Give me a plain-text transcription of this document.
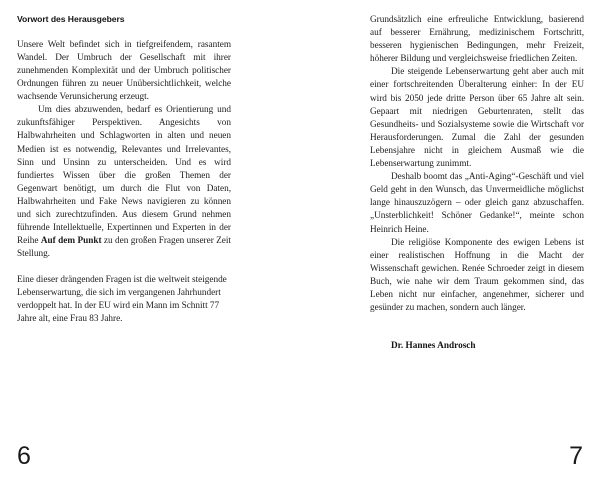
Vorwort des Herausgebers

Unsere Welt befindet sich in tiefgreifendem, rasantem Wandel. Der Umbruch der Gesellschaft mit ihrer zunehmenden Komplexität und der Umbruch politischer Ordnungen führen zu neuer Unübersichtlichkeit, welche wachsende Verunsicherung erzeugt.

Um dies abzuwenden, bedarf es Orientierung und zukunftsfähiger Perspektiven. Angesichts von Halbwahrheiten und Schlagworten in alten und neuen Medien ist es notwendig, Relevantes und Irrelevantes, Sinn und Unsinn zu unterscheiden. Und es wird fundiertes Wissen über die großen Themen der Gegenwart benötigt, um durch die Flut von Daten, Halbwahrheiten und Fake News navigieren zu können und sich zurechtzufinden. Aus diesem Grund nehmen führende Intellektuelle, Expertinnen und Experten in der Reihe Auf dem Punkt zu den großen Fragen unserer Zeit Stellung.

Eine dieser drängenden Fragen ist die weltweit steigende Lebenserwartung, die sich im vergangenen Jahrhundert verdoppelt hat. In der EU wird ein Mann im Schnitt 77 Jahre alt, eine Frau 83 Jahre.

6

Grundsätzlich eine erfreuliche Entwicklung, basierend auf besserer Ernährung, medizinischem Fortschritt, besseren hygienischen Bedingungen, mehr Freizeit, höherer Bildung und vergleichsweise friedlichen Zeiten.

Die steigende Lebenserwartung geht aber auch mit einer fortschreitenden Überalterung einher: In der EU wird bis 2050 jede dritte Person über 65 Jahre alt sein. Gepaart mit niedrigen Geburtenraten, stellt das Gesundheits- und Sozialsysteme sowie die Wirtschaft vor Herausforderungen. Zumal die Zahl der gesunden Lebensjahre nicht in gleichem Ausmaß wie die Lebenserwartung zunimmt.

Deshalb boomt das „Anti-Aging“-Geschäft und viel Geld geht in den Wunsch, das Unvermeidliche möglichst lange hinauszuzögern – oder gleich ganz abzuschaffen. „Unsterblichkeit! Schöner Gedanke!“, meinte schon Heinrich Heine.

Die religiöse Komponente des ewigen Lebens ist einer realistischen Hoffnung in die Macht der Wissenschaft gewichen. Renée Schroeder zeigt in diesem Buch, wie nahe wir dem Traum gekommen sind, das Leben nicht nur einfacher, angenehmer, sicherer und gesünder zu machen, sondern auch länger.

Dr. Hannes Androsch

7
